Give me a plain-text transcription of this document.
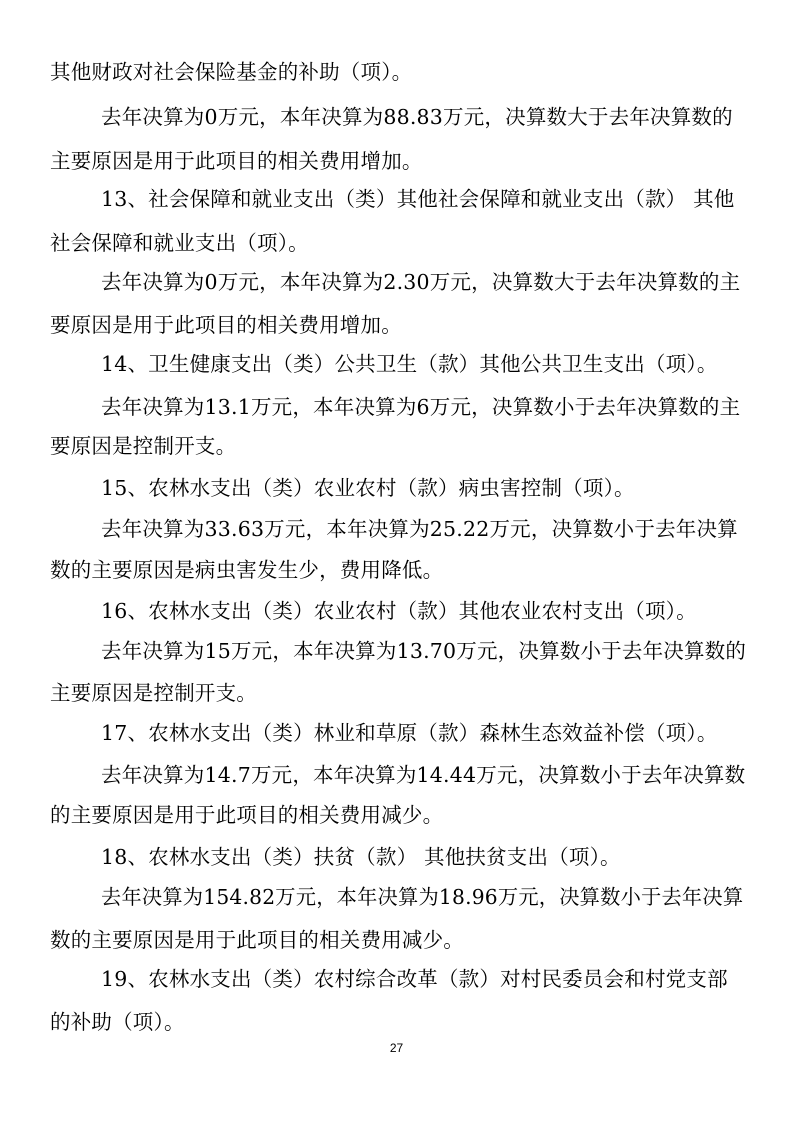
其他财政对社会保险基金的补助（项）。
去年决算为0万元，本年决算为88.83万元，决算数大于去年决算数的
主要原因是用于此项目的相关费用增加。
13、社会保障和就业支出（类）其他社会保障和就业支出（款） 其他
社会保障和就业支出（项）。
去年决算为0万元，本年决算为2.30万元，决算数大于去年决算数的主
要原因是用于此项目的相关费用增加。
14、卫生健康支出（类）公共卫生（款）其他公共卫生支出（项）。
去年决算为13.1万元，本年决算为6万元，决算数小于去年决算数的主
要原因是控制开支。
15、农林水支出（类）农业农村（款）病虫害控制（项）。
去年决算为33.63万元，本年决算为25.22万元，决算数小于去年决算
数的主要原因是病虫害发生少，费用降低。
16、农林水支出（类）农业农村（款）其他农业农村支出（项）。
去年决算为15万元，本年决算为13.70万元，决算数小于去年决算数的
主要原因是控制开支。
17、农林水支出（类）林业和草原（款）森林生态效益补偿（项）。
去年决算为14.7万元，本年决算为14.44万元，决算数小于去年决算数
的主要原因是用于此项目的相关费用减少。
18、农林水支出（类）扶贫（款） 其他扶贫支出（项）。
去年决算为154.82万元，本年决算为18.96万元，决算数小于去年决算
数的主要原因是用于此项目的相关费用减少。
19、农林水支出（类）农村综合改革（款）对村民委员会和村党支部
的补助（项）。
27
